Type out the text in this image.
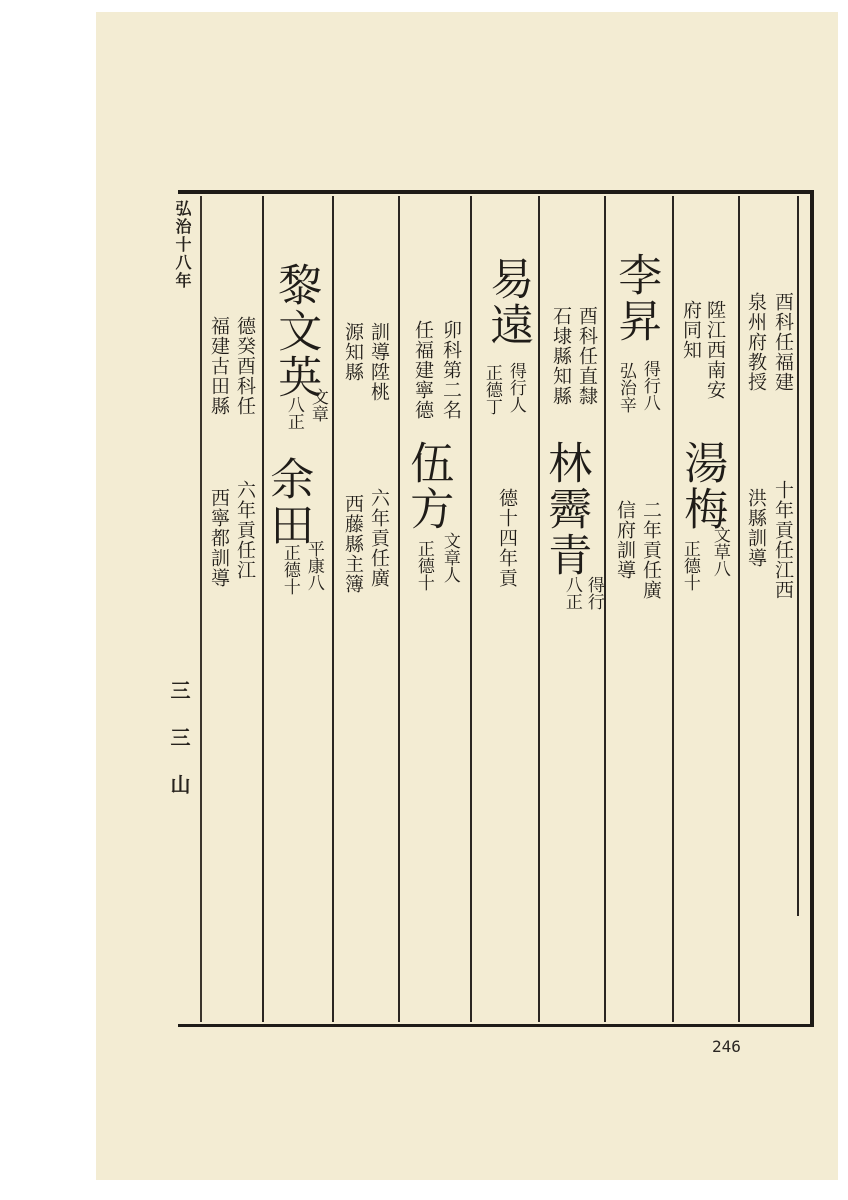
弘治十八年
三 三 山
酉科任福建
泉州府教授
十年貢任江西
洪縣訓導
陞江西南安
府同知
湯梅
文草八
正德十
二年貢任廣
信府訓導
李昇
得行八
弘治辛
酉科任直隸
石埭縣知縣
林霽青
得行
八正
易遠
得行人
正德丁
德十四年貢
卯科第二名
任福建寧德
伍方
文章人
正德十
訓導陞桃
源知縣
六年貢任廣
西藤縣主簿
黎文英
文章
八正
余田
平康八
正德十
德癸酉科任
福建古田縣
六年貢任江
西寧都訓導
246
